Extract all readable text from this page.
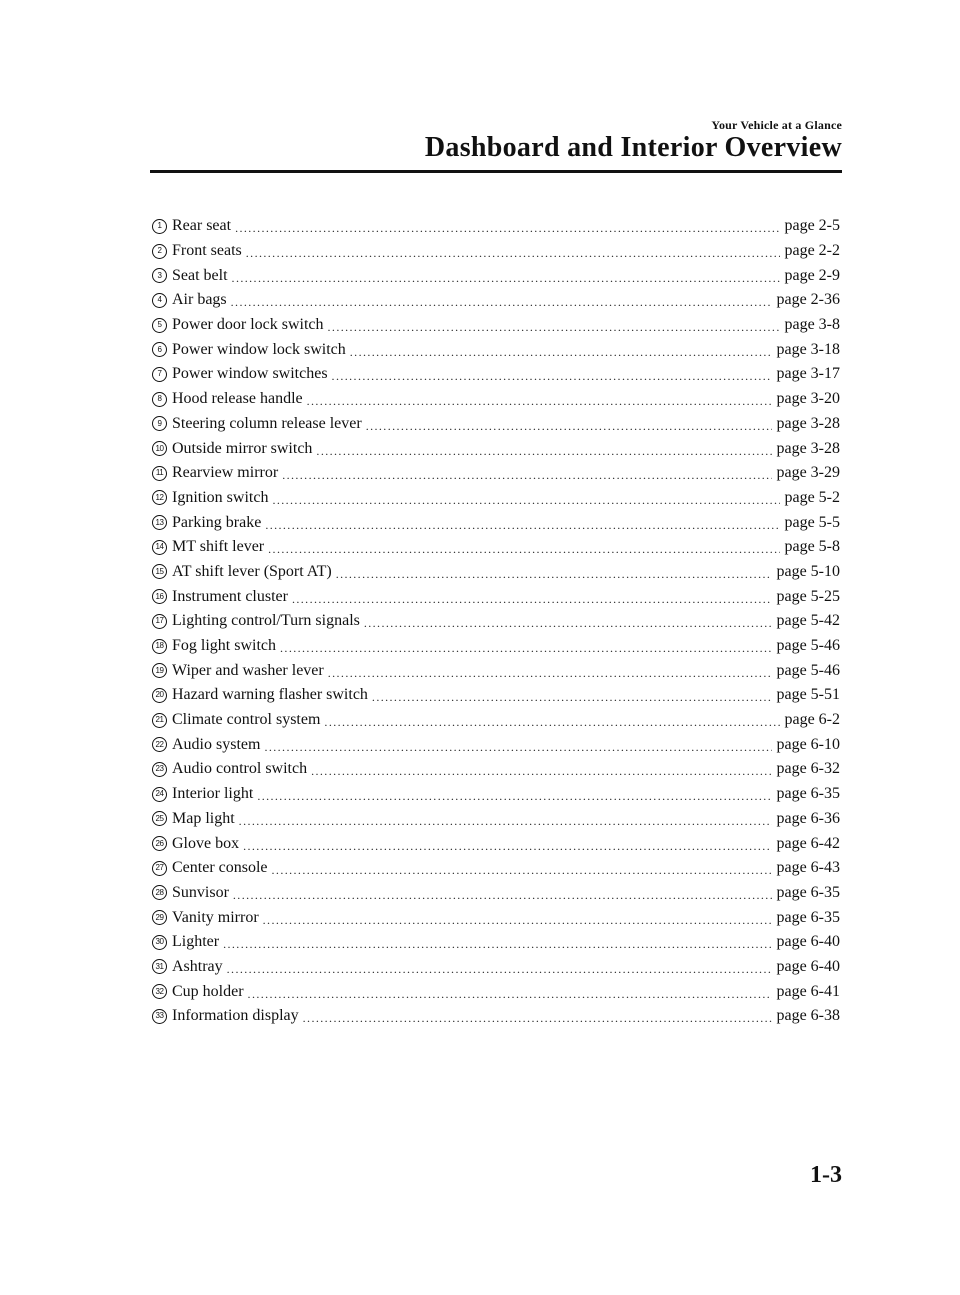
Your Vehicle at a Glance
Dashboard and Interior Overview
1 Rear seat .....	page 2-5
2 Front seats .....	page 2-2
3 Seat belt .....	page 2-9
4 Air bags .....	page 2-36
5 Power door lock switch .....	page 3-8
6 Power window lock switch .....	page 3-18
7 Power window switches .....	page 3-17
8 Hood release handle .....	page 3-20
9 Steering column release lever .....	page 3-28
10 Outside mirror switch .....	page 3-28
11 Rearview mirror .....	page 3-29
12 Ignition switch .....	page 5-2
13 Parking brake .....	page 5-5
14 MT shift lever .....	page 5-8
15 AT shift lever (Sport AT) .....	page 5-10
16 Instrument cluster .....	page 5-25
17 Lighting control/Turn signals .....	page 5-42
18 Fog light switch .....	page 5-46
19 Wiper and washer lever .....	page 5-46
20 Hazard warning flasher switch .....	page 5-51
21 Climate control system .....	page 6-2
22 Audio system .....	page 6-10
23 Audio control switch .....	page 6-32
24 Interior light .....	page 6-35
25 Map light .....	page 6-36
26 Glove box .....	page 6-42
27 Center console .....	page 6-43
28 Sunvisor .....	page 6-35
29 Vanity mirror .....	page 6-35
30 Lighter .....	page 6-40
31 Ashtray .....	page 6-40
32 Cup holder .....	page 6-41
33 Information display .....	page 6-38
1-3
